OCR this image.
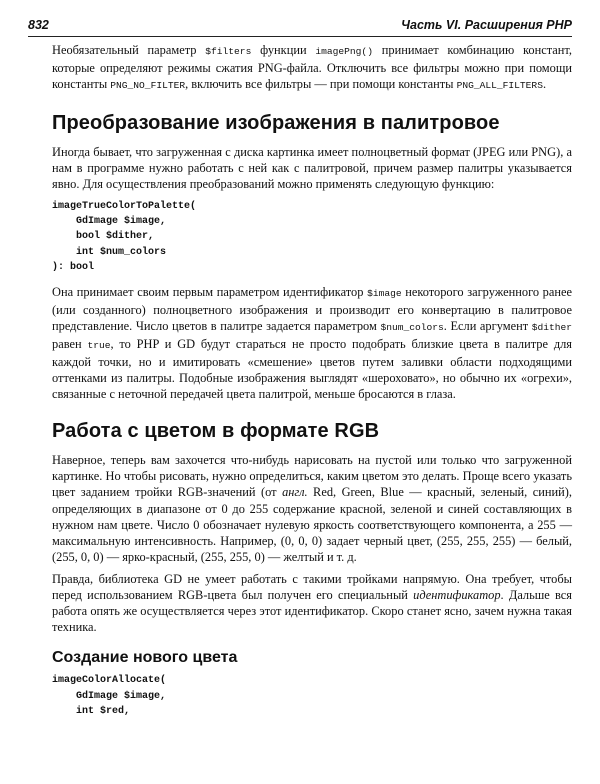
832	Часть VI. Расширения PHP

Необязательный параметр $filters функции imagePng() принимает комбинацию констант, которые определяют режимы сжатия PNG-файла. Отключить все фильтры можно при помощи константы PNG_NO_FILTER, включить все фильтры — при помощи константы PNG_ALL_FILTERS.

Преобразование изображения в палитровое

Иногда бывает, что загруженная с диска картинка имеет полноцветный формат (JPEG или PNG), а нам в программе нужно работать с ней как с палитровой, причем размер палитры указывается явно. Для осуществления преобразований можно применять следующую функцию:

imageTrueColorToPalette(
GdImage $image,
bool $dither,
int $num_colors
): bool

Она принимает своим первым параметром идентификатор $image некоторого загруженного ранее (или созданного) полноцветного изображения и производит его конвертацию в палитровое представление. Число цветов в палитре задается параметром $num_colors. Если аргумент $dither равен true, то PHP и GD будут стараться не просто подобрать близкие цвета в палитре для каждой точки, но и имитировать «смешение» цветов путем заливки области подходящими оттенками из палитры. Подобные изображения выглядят «шероховато», но обычно их «огрехи», связанные с неточной передачей цвета палитрой, меньше бросаются в глаза.

Работа с цветом в формате RGB

Наверное, теперь вам захочется что-нибудь нарисовать на пустой или только что загруженной картинке. Но чтобы рисовать, нужно определиться, каким цветом это делать. Проще всего указать цвет заданием тройки RGB-значений (от англ. Red, Green, Blue — красный, зеленый, синий), определяющих в диапазоне от 0 до 255 содержание красной, зеленой и синей составляющих в нужном нам цвете. Число 0 обозначает нулевую яркость соответствующего компонента, а 255 — максимальную интенсивность. Например, (0, 0, 0) задает черный цвет, (255, 255, 255) — белый, (255, 0, 0) — ярко-красный, (255, 255, 0) — желтый и т. д.

Правда, библиотека GD не умеет работать с такими тройками напрямую. Она требует, чтобы перед использованием RGB-цвета был получен его специальный идентификатор. Дальше вся работа опять же осуществляется через этот идентификатор. Скоро станет ясно, зачем нужна такая техника.

Создание нового цвета
imageColorAllocate(
GdImage $image,
int $red,
